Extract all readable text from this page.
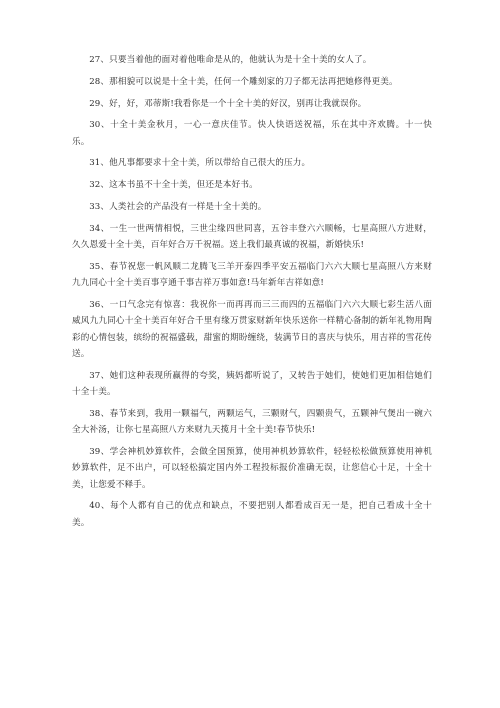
27、只要当着他的面对着他唯命是从的，他就认为是十全十美的女人了。

28、那相貌可以说是十全十美，任何一个雕刻家的刀子都无法再把她修得更美。

29、好，好，邓蒂斯!我看你是一个十全十美的好汉，别再让我就误你。

30、十全十美金秋月，一心一意庆佳节。快人快语送祝福，乐在其中齐欢腾。十一快乐。

31、他凡事都要求十全十美，所以带给自己很大的压力。

32、这本书虽不十全十美，但还是本好书。

33、人类社会的产品没有一样是十全十美的。

34、一生一世两情相悦，三世尘缘四世同喜，五谷丰登六六顺畅，七星高照八方进财，久久恩爱十全十美，百年好合万千祝福。送上我们最真诚的祝福，新婚快乐!

35、春节祝您一帆风顺二龙腾飞三羊开泰四季平安五福临门六六大顺七星高照八方来财九九同心十全十美百事亨通千事吉祥万事如意!马年新年吉祥如意!

36、一口气念完有惊喜：我祝你一而再再而三三而四的五福临门六六大顺七彩生活八面威风九九同心十全十美百年好合千里有缘万贯家财新年快乐送你一样精心备制的新年礼物用陶彩的心情包装，缤纷的祝福盛载，甜蜜的期盼缠绕，装满节日的喜庆与快乐，用吉祥的雪花传送。

37、她们这种表现所赢得的夸奖，姨妈都听说了，又转告于她们，使她们更加相信她们十全十美。

38、春节来到，我用一颗福气，两颗运气，三颗财气，四颗贵气，五颗神气煲出一碗六全大补汤，让你七星高照八方来财九天揽月十全十美!春节快乐!

39、学会神机妙算软件，会做全国预算，使用神机妙算软件，轻轻松松做预算使用神机妙算软件，足不出户，可以轻松搞定国内外工程投标报价准确无误，让您信心十足，十全十美，让您爱不释手。

40、每个人都有自己的优点和缺点，不要把别人都看成百无一是，把自己看成十全十美。
